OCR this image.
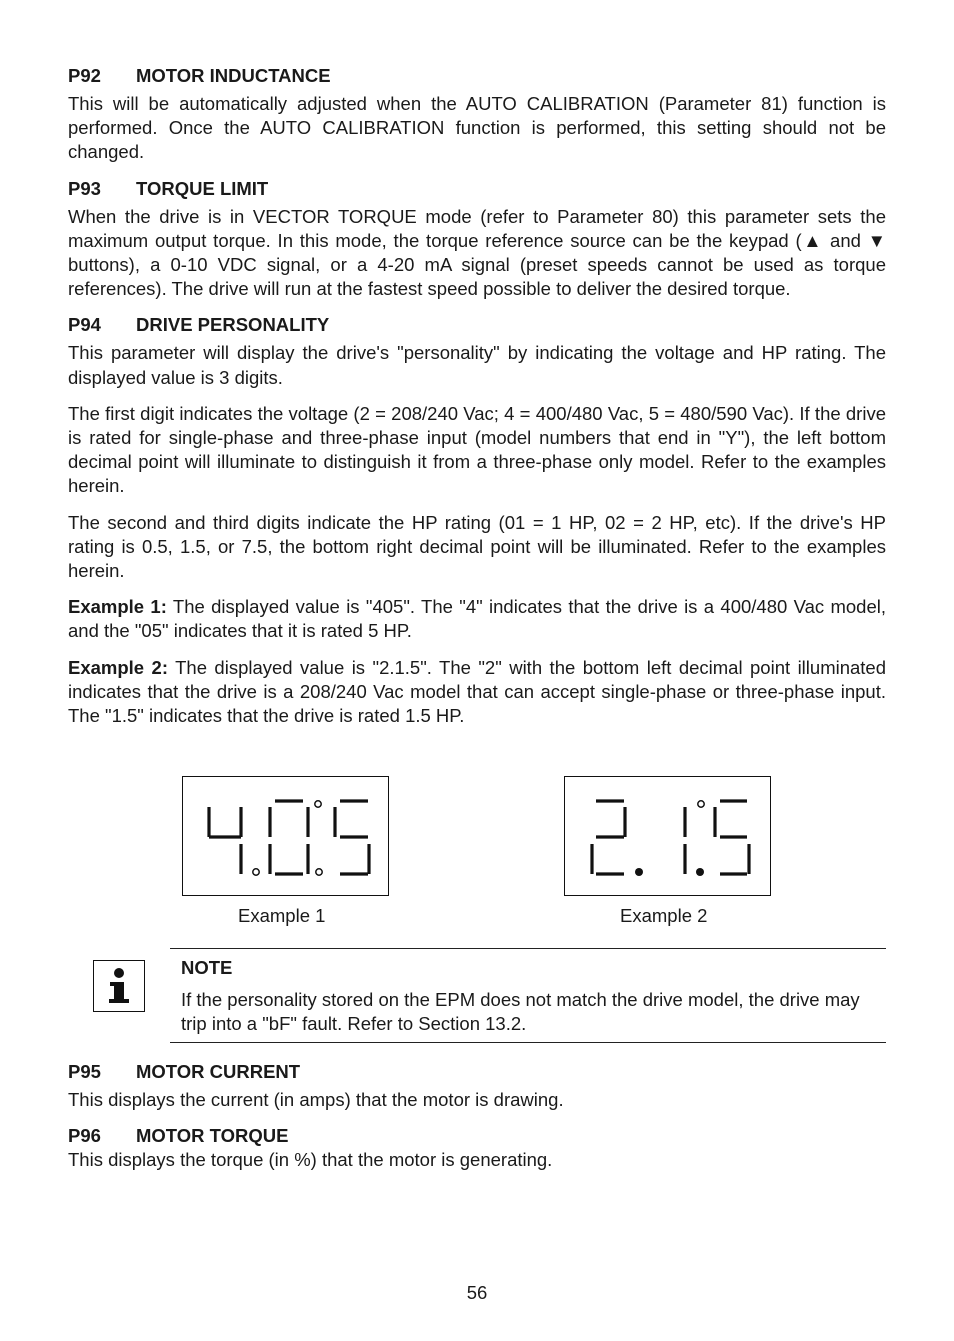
P92 MOTOR INDUCTANCE

This will be automatically adjusted when the AUTO CALIBRATION (Parameter 81) function is performed. Once the AUTO CALIBRATION function is performed, this setting should not be changed.

P93 TORQUE LIMIT

When the drive is in VECTOR TORQUE mode (refer to Parameter 80) this parameter sets the maximum output torque. In this mode, the torque reference source can be the keypad (▲ and ▼ buttons), a 0-10 VDC signal, or a 4-20 mA signal (preset speeds cannot be used as torque references). The drive will run at the fastest speed possible to deliver the desired torque.

P94 DRIVE PERSONALITY

This parameter will display the drive's "personality" by indicating the voltage and HP rating. The displayed value is 3 digits.

The first digit indicates the voltage (2 = 208/240 Vac; 4 = 400/480 Vac, 5 = 480/590 Vac). If the drive is rated for single-phase and three-phase input (model numbers that end in "Y"), the left bottom decimal point will illuminate to distinguish it from a three-phase only model. Refer to the examples herein.

The second and third digits indicate the HP rating (01 = 1 HP, 02 = 2 HP, etc). If the drive's HP rating is 0.5, 1.5, or 7.5, the bottom right decimal point will be illuminated. Refer to the examples herein.

Example 1: The displayed value is "405". The "4" indicates that the drive is a 400/480 Vac model, and the "05" indicates that it is rated 5 HP.

Example 2: The displayed value is "2.1.5". The "2" with the bottom left decimal point illuminated indicates that the drive is a 208/240 Vac model that can accept single-phase or three-phase input. The "1.5" indicates that the drive is rated 1.5 HP.

Example 1	Example 2
NOTE
If the personality stored on the EPM does not match the drive model, the drive may trip into a "bF" fault. Refer to Section 13.2.

P95 MOTOR CURRENT

This displays the current (in amps) that the motor is drawing.

P96 MOTOR TORQUE

This displays the torque (in %) that the motor is generating.

56
